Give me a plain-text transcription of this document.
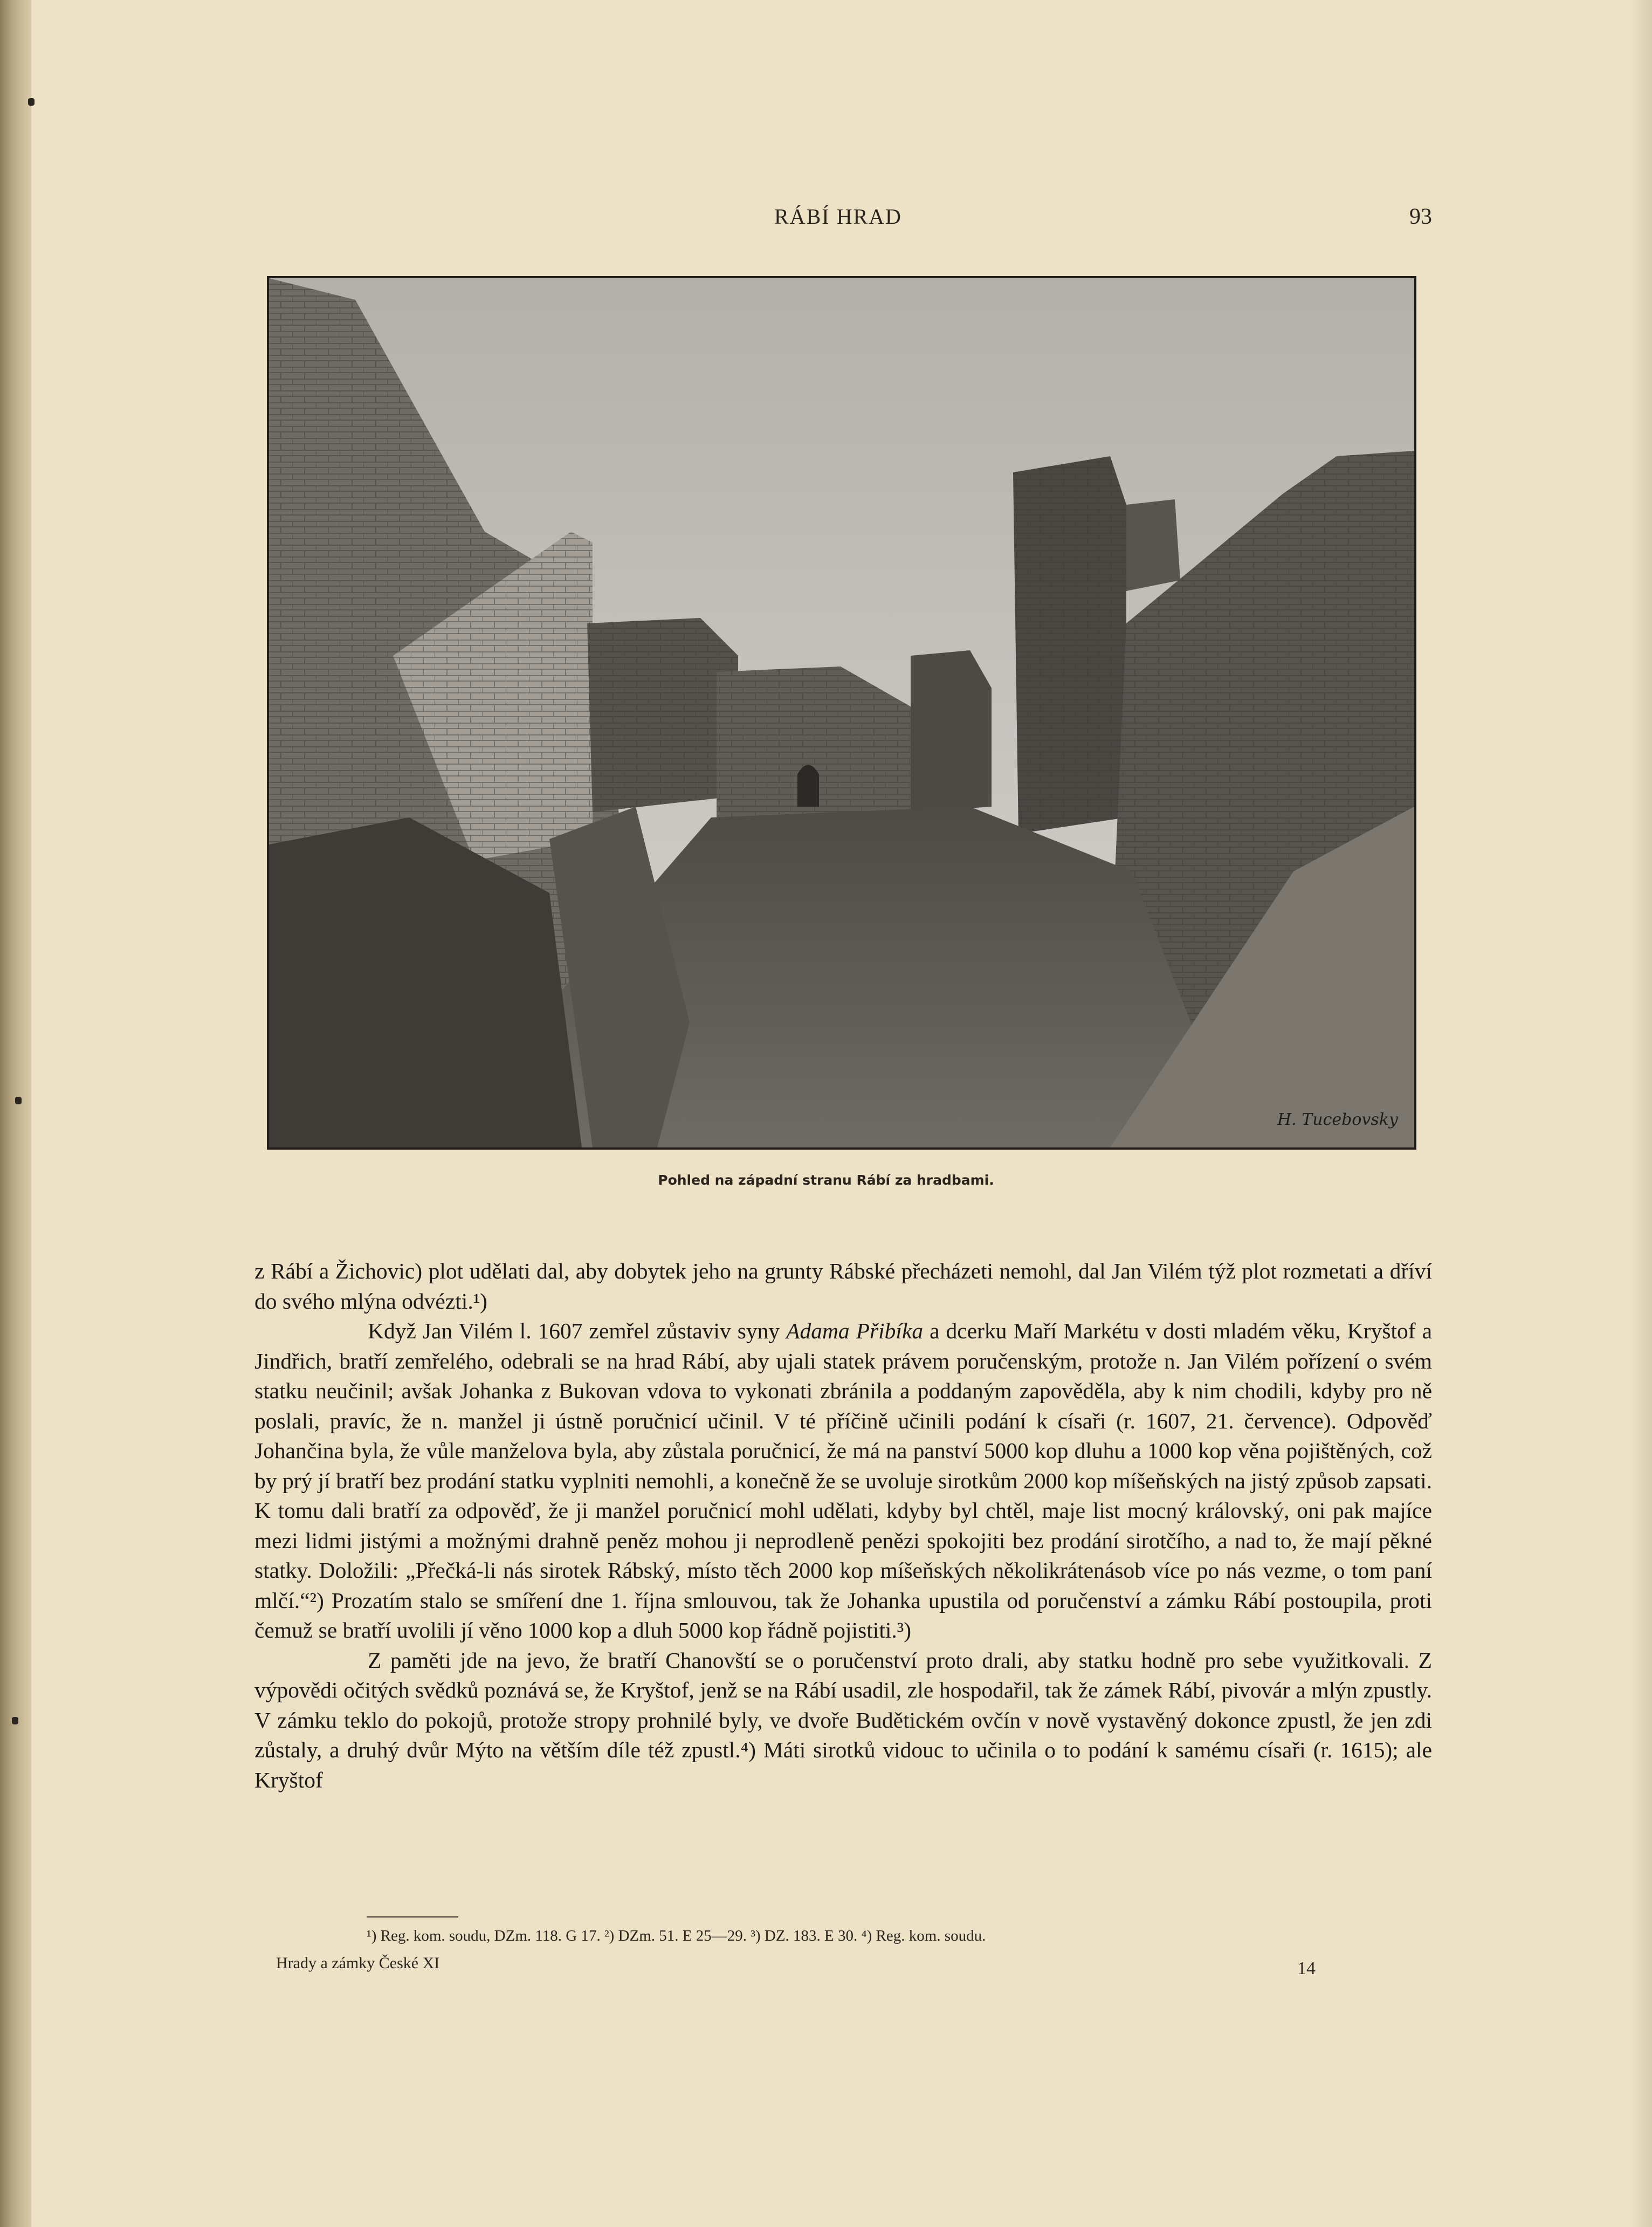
RÁBÍ HRAD	93
H. Tucebovsky
Pohled na západní stranu Rábí za hradbami.

z Rábí a Žichovic) plot udělati dal, aby dobytek jeho na grunty Rábské přecházeti nemohl, dal Jan Vilém týž plot rozmetati a dříví do svého mlýna odvézti.¹)

Když Jan Vilém l. 1607 zemřel zůstaviv syny Adama Přibíka a dcerku Maří Markétu v dosti mladém věku, Kryštof a Jindřich, bratří zemřelého, odebrali se na hrad Rábí, aby ujali statek právem poručenským, protože n. Jan Vilém pořízení o svém statku neučinil; avšak Johanka z Bukovan vdova to vykonati zbránila a poddaným zapověděla, aby k nim chodili, kdyby pro ně poslali, pravíc, že n. manžel ji ústně poručnicí učinil. V té příčině učinili podání k císaři (r. 1607, 21. července). Odpověď Johančina byla, že vůle manželova byla, aby zůstala poručnicí, že má na panství 5000 kop dluhu a 1000 kop věna pojištěných, což by prý jí bratří bez prodání statku vyplniti nemohli, a konečně že se uvoluje sirotkům 2000 kop míšeňských na jistý způsob zapsati. K tomu dali bratří za odpověď, že ji manžel poručnicí mohl udělati, kdyby byl chtěl, maje list mocný královský, oni pak majíce mezi lidmi jistými a možnými drahně peněz mohou ji neprodleně penězi spokojiti bez prodání sirotčího, a nad to, že mají pěkné statky. Doložili: „Přečká-li nás sirotek Rábský, místo těch 2000 kop míšeňských několikrátenásob více po nás vezme, o tom paní mlčí.“²) Prozatím stalo se smíření dne 1. října smlouvou, tak že Johanka upustila od poručenství a zámku Rábí postoupila, proti čemuž se bratří uvolili jí věno 1000 kop a dluh 5000 kop řádně pojistiti.³)

Z paměti jde na jevo, že bratří Chanovští se o poručenství proto drali, aby statku hodně pro sebe využitkovali. Z výpovědi očitých svědků poznává se, že Kryštof, jenž se na Rábí usadil, zle hospodařil, tak že zámek Rábí, pivovár a mlýn zpustly. V zámku teklo do pokojů, protože stropy prohnilé byly, ve dvoře Budětickém ovčín v nově vystavěný dokonce zpustl, že jen zdi zůstaly, a druhý dvůr Mýto na větším díle též zpustl.⁴) Máti sirotků vidouc to učinila o to podání k samému císaři (r. 1615); ale Kryštof

¹) Reg. kom. soudu, DZm. 118. G 17. ²) DZm. 51. E 25—29. ³) DZ. 183. E 30. ⁴) Reg. kom. soudu.
Hrady a zámky České XI	14
